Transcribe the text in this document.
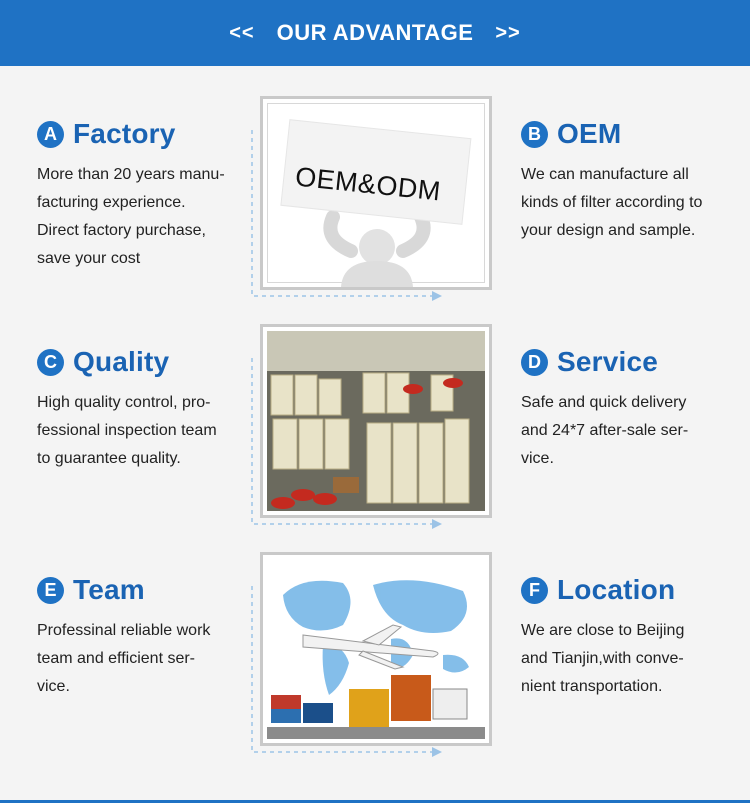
<< OUR ADVANTAGE >>
A Factory
More than 20 years manu-
facturing experience.
Direct factory purchase,
save your cost
B OEM
We can manufacture all
kinds of filter according to
your design and sample.
C Quality
High quality control, pro-
fessional inspection team
to guarantee quality.
D Service
Safe and quick delivery
and 24*7 after-sale ser-
vice.
E Team
Professinal reliable work
team and efficient ser-
vice.
F Location
We are close to Beijing
and Tianjin,with conve-
nient transportation.
OEM&ODM
